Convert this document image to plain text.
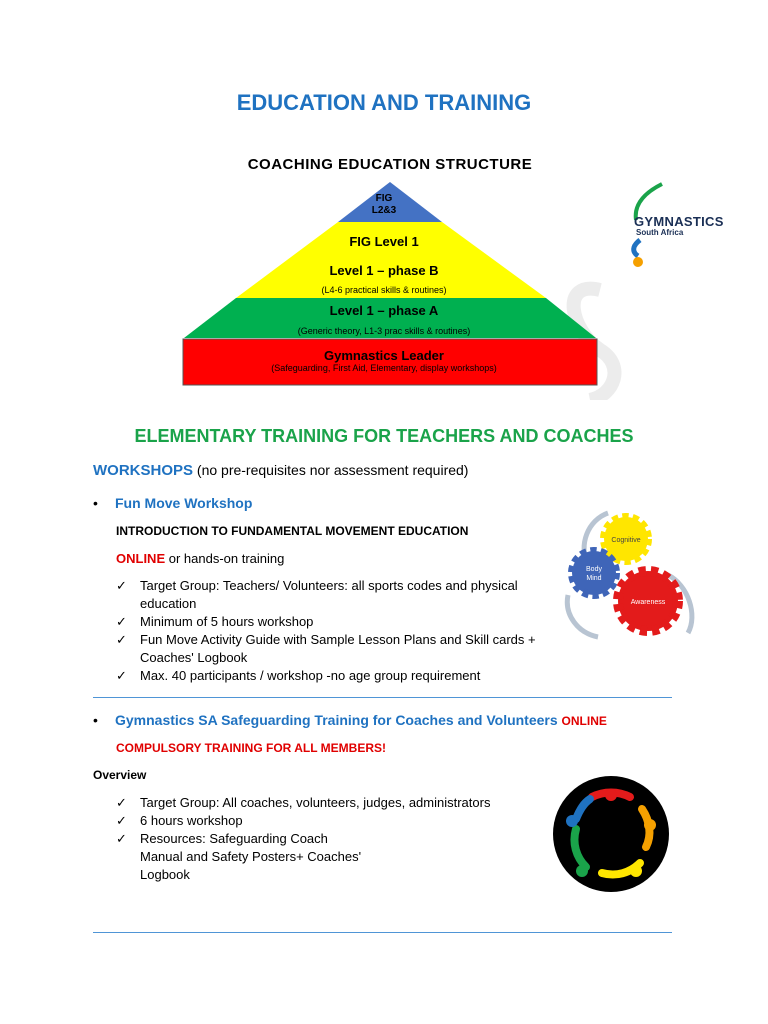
EDUCATION AND TRAINING
COACHING EDUCATION STRUCTURE
FIG
L2&3
FIG Level 1
Level 1 – phase B
(L4-6 practical skills & routines)
Level 1 – phase A
(Generic theory, L1-3 prac skills & routines)
Gymnastics Leader
(Safeguarding, First Aid, Elementary, display workshops)
GYMNASTICS
South Africa
ELEMENTARY TRAINING FOR TEACHERS AND COACHES
WORKSHOPS (no pre-requisites nor assessment required)
• Fun Move Workshop
INTRODUCTION TO FUNDAMENTAL MOVEMENT EDUCATION
ONLINE or hands-on training
✓ Target Group: Teachers/ Volunteers: all sports codes and physical education
✓ Minimum of 5 hours workshop
✓ Fun Move Activity Guide with Sample Lesson Plans and Skill cards + Coaches' Logbook
✓ Max. 40 participants / workshop -no age group requirement
Cognitive
Body
Mind
Awareness
• Gymnastics SA Safeguarding Training for Coaches and Volunteers ONLINE
COMPULSORY TRAINING FOR ALL MEMBERS!
Overview
✓ Target Group: All coaches, volunteers, judges, administrators
✓ 6 hours workshop
✓ Resources: Safeguarding Coach Manual and Safety Posters+ Coaches' Logbook
